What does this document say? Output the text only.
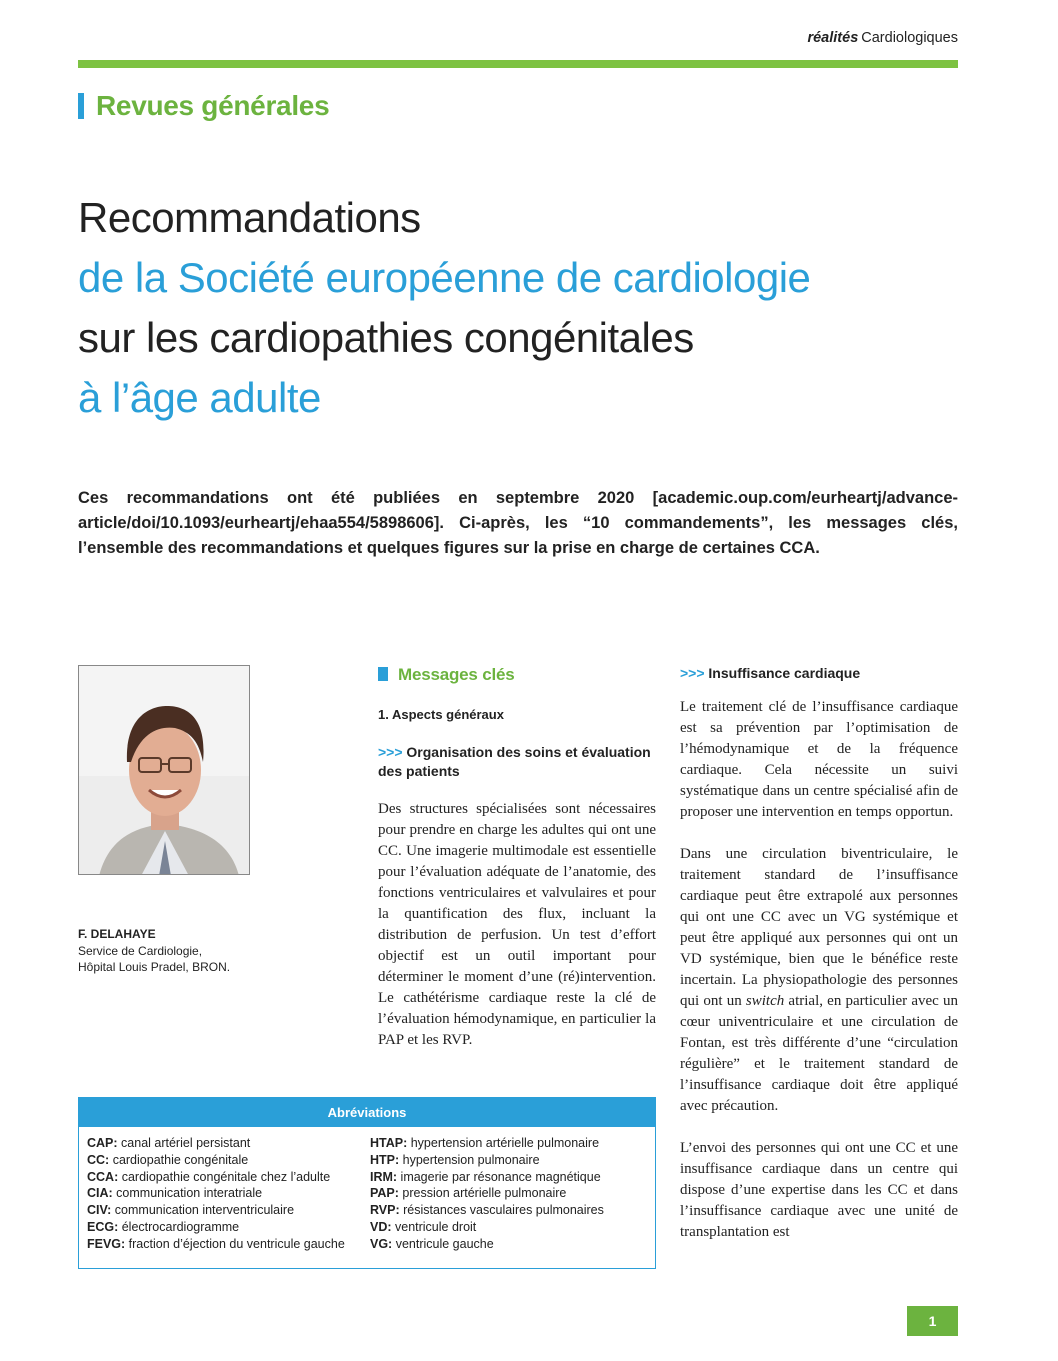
réalités Cardiologiques
Revues générales
Recommandations
de la Société européenne de cardiologie
sur les cardiopathies congénitales
à l’âge adulte
Ces recommandations ont été publiées en septembre 2020 [academic.oup.com/eurheartj/advance-article/doi/10.1093/eurheartj/ehaa554/5898606]. Ci-après, les “10 commandements”, les messages clés, l’ensemble des recommandations et quelques figures sur la prise en charge de certaines CCA.
F. DELAHAYE
Service de Cardiologie,
Hôpital Louis Pradel, BRON.
Messages clés
1. Aspects généraux
>>> Organisation des soins et évaluation des patients

Des structures spécialisées sont nécessaires pour prendre en charge les adultes qui ont une CC. Une imagerie multimodale est essentielle pour l’évaluation adéquate de l’anatomie, des fonctions ventriculaires et valvulaires et pour la quantification des flux, incluant la distribution de perfusion. Un test d’effort objectif est un outil important pour déterminer le moment d’une (ré)intervention. Le cathétérisme cardiaque reste la clé de l’évaluation hémodynamique, en particulier la PAP et les RVP.

>>> Insuffisance cardiaque

Le traitement clé de l’insuffisance cardiaque est sa prévention par l’optimisation de l’hémodynamique et de la fréquence cardiaque. Cela nécessite un suivi systématique dans un centre spécialisé afin de proposer une intervention en temps opportun.

Dans une circulation biventriculaire, le traitement standard de l’insuffisance cardiaque peut être extrapolé aux personnes qui ont une CC avec un VG systémique et peut être appliqué aux personnes qui ont un VD systémique, bien que le bénéfice reste incertain. La physiopathologie des personnes qui ont un switch atrial, en particulier avec un cœur univentriculaire et une circulation de Fontan, est très différente d’une “circulation régulière” et le traitement standard de l’insuffisance cardiaque doit être appliqué avec précaution.

L’envoi des personnes qui ont une CC et une insuffisance cardiaque dans un centre qui dispose d’une expertise dans les CC et dans l’insuffisance cardiaque avec une unité de transplantation est

Abréviations
CAP: canal artériel persistant
CC: cardiopathie congénitale
CCA: cardiopathie congénitale chez l’adulte
CIA: communication interatriale
CIV: communication interventriculaire
ECG: électrocardiogramme
FEVG: fraction d’éjection du ventricule gauche
HTAP: hypertension artérielle pulmonaire
HTP: hypertension pulmonaire
IRM: imagerie par résonance magnétique
PAP: pression artérielle pulmonaire
RVP: résistances vasculaires pulmonaires
VD: ventricule droit
VG: ventricule gauche
1
